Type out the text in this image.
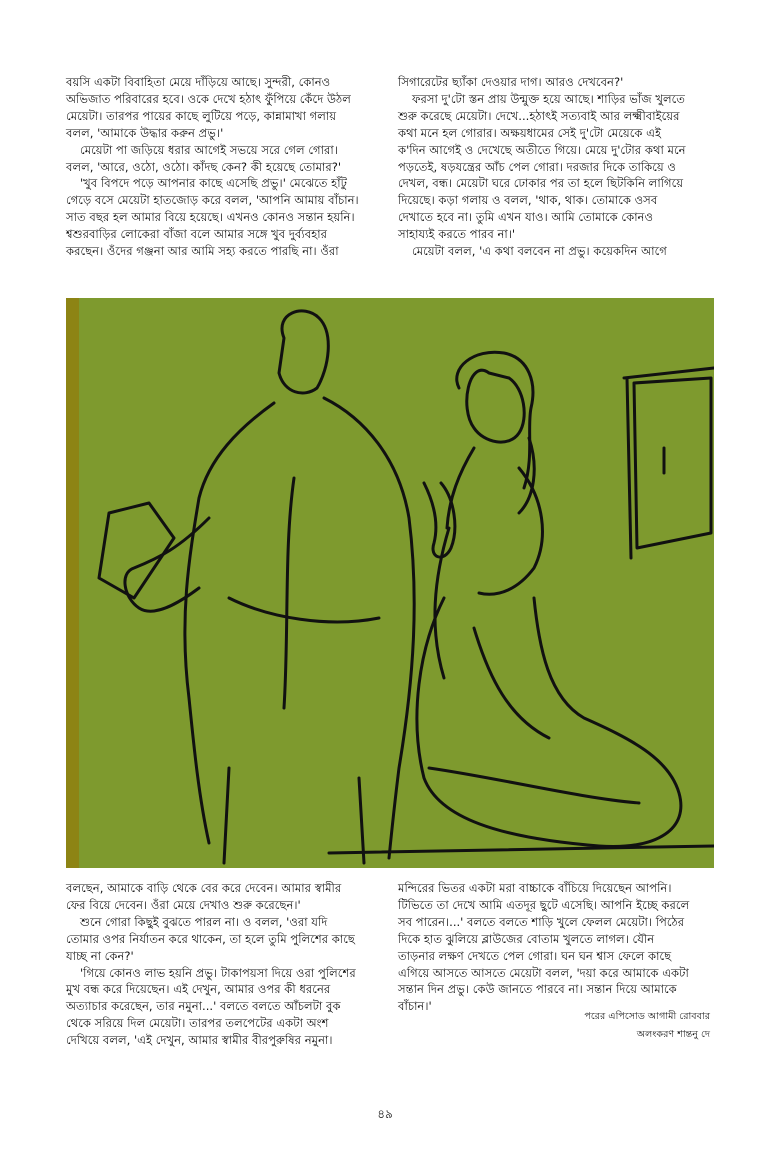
বয়সি একটা বিবাহিতা মেয়ে দাঁড়িয়ে আছে। সুন্দরী, কোনও

অভিজাত পরিবারের হবে। ওকে দেখে হঠাৎ ফুঁপিয়ে কেঁদে উঠল

মেয়েটা। তারপর পায়ের কাছে লুটিয়ে পড়ে, কান্নামাখা গলায়

বলল, 'আমাকে উদ্ধার করুন প্রভু।'

মেয়েটা পা জড়িয়ে ধরার আগেই সভয়ে সরে গেল গোরা।

বলল, 'আরে, ওঠো, ওঠো। কাঁদছ কেন? কী হয়েছে তোমার?'

'খুব বিপদে পড়ে আপনার কাছে এসেছি প্রভু।' মেঝেতে হাঁটু

গেড়ে বসে মেয়েটা হাতজোড় করে বলল, 'আপনি আমায় বাঁচান।

সাত বছর হল আমার বিয়ে হয়েছে। এখনও কোনও সন্তান হয়নি।

শ্বশুরবাড়ির লোকেরা বাঁজা বলে আমার সঙ্গে খুব দুর্ব্যবহার

করছেন। ওঁদের গঞ্জনা আর আমি সহ্য করতে পারছি না। ওঁরা

সিগারেটের ছ্যাঁকা দেওয়ার দাগ। আরও দেখবেন?'

ফরসা দু'টো স্তন প্রায় উন্মুক্ত হয়ে আছে। শাড়ির ভাঁজ খুলতে

শুরু করেছে মেয়েটা। দেখে...হঠাৎই সত্যবাই আর লক্ষ্মীবাইয়ের

কথা মনে হল গোরার। অক্ষয়ধামের সেই দু'টো মেয়েকে এই

ক'দিন আগেই ও দেখেছে অতীতে গিয়ে। মেয়ে দু'টোর কথা মনে

পড়তেই, ষড়যন্ত্রের আঁচ পেল গোরা। দরজার দিকে তাকিয়ে ও

দেখল, বন্ধ। মেয়েটা ঘরে ঢোকার পর তা হলে ছিটকিনি লাগিয়ে

দিয়েছে। কড়া গলায় ও বলল, 'থাক, থাক। তোমাকে ওসব

দেখাতে হবে না। তুমি এখন যাও। আমি তোমাকে কোনও

সাহায্যই করতে পারব না।'

মেয়েটা বলল, 'এ কথা বলবেন না প্রভু। কয়েকদিন আগে

বলছেন, আমাকে বাড়ি থেকে বের করে দেবেন। আমার স্বামীর

ফের বিয়ে দেবেন। ওঁরা মেয়ে দেখাও শুরু করেছেন।'

শুনে গোরা কিছুই বুঝতে পারল না। ও বলল, 'ওরা যদি

তোমার ওপর নির্যাতন করে থাকেন, তা হলে তুমি পুলিশের কাছে

যাচ্ছ না কেন?'

'গিয়ে কোনও লাভ হয়নি প্রভু। টাকাপয়সা দিয়ে ওরা পুলিশের

মুখ বন্ধ করে দিয়েছেন। এই দেখুন, আমার ওপর কী ধরনের

অত্যাচার করেছেন, তার নমুনা...' বলতে বলতে আঁচলটা বুক

থেকে সরিয়ে দিল মেয়েটা। তারপর তলপেটের একটা অংশ

দেখিয়ে বলল, 'এই দেখুন, আমার স্বামীর বীরপুরুষির নমুনা।

মন্দিরের ভিতর একটা মরা বাচ্চাকে বাঁচিয়ে দিয়েছেন আপনি।

টিভিতে তা দেখে আমি এতদূর ছুটে এসেছি। আপনি ইচ্ছে করলে

সব পারেন।...' বলতে বলতে শাড়ি খুলে ফেলল মেয়েটা। পিঠের

দিকে হাত ঝুলিয়ে ব্লাউজের বোতাম খুলতে লাগল। যৌন

তাড়নার লক্ষণ দেখতে পেল গোরা। ঘন ঘন শ্বাস ফেলে কাছে

এগিয়ে আসতে আসতে মেয়েটা বলল, 'দয়া করে আমাকে একটা

সন্তান দিন প্রভু। কেউ জানতে পারবে না। সন্তান দিয়ে আমাকে

বাঁচান।'

পরের এপিসোড আগামী রোববার
অলংকরণ শান্তনু দে
৪৯
